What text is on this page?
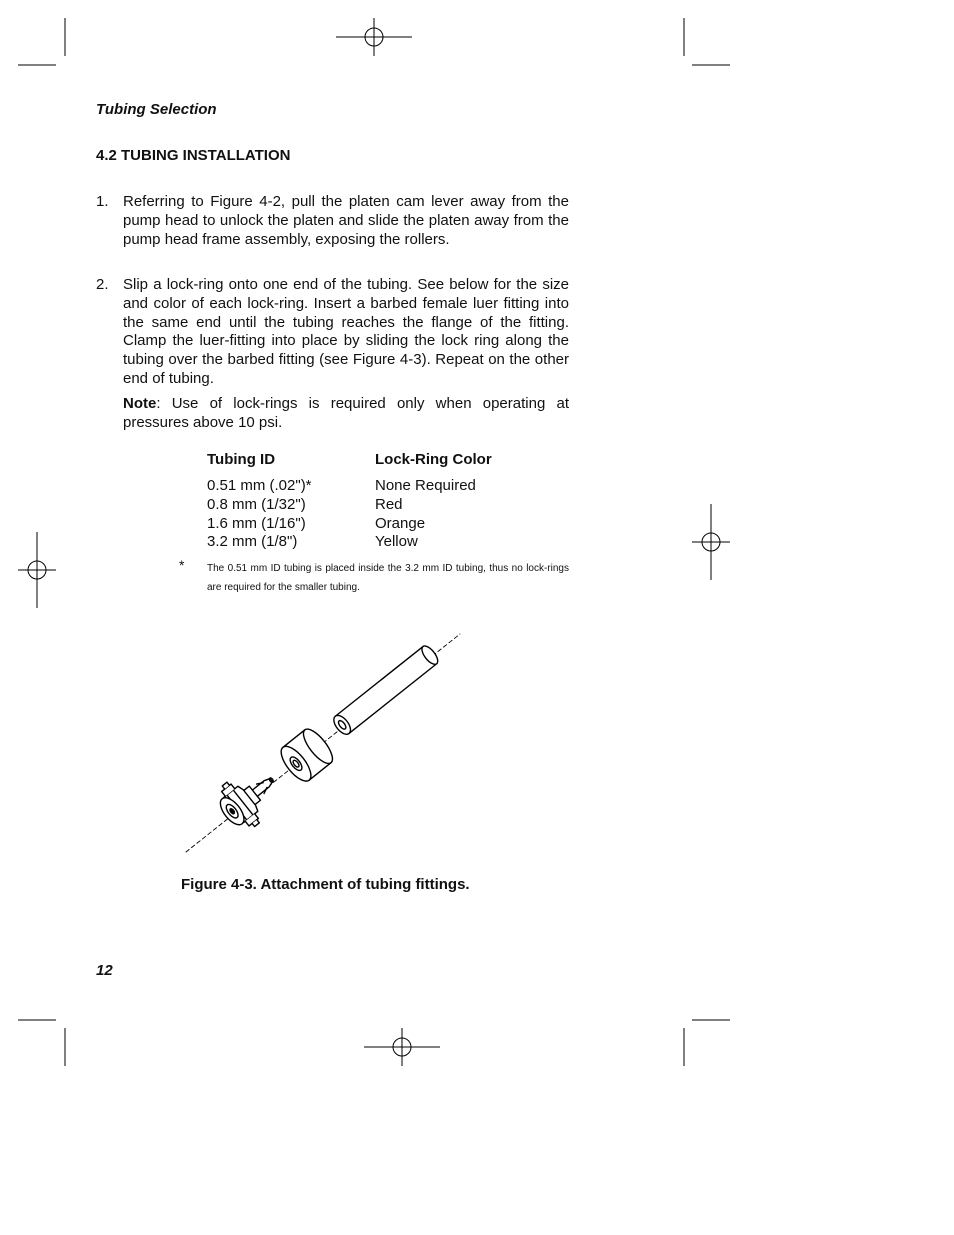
Tubing Selection
4.2 TUBING INSTALLATION
1. Referring to Figure 4-2, pull the platen cam lever away from the pump head to unlock the platen and slide the platen away from the pump head frame assembly, exposing the rollers.
2. Slip a lock-ring onto one end of the tubing. See below for the size and color of each lock-ring. Insert a barbed female luer fitting into the same end until the tubing reaches the flange of the fitting. Clamp the luer-fitting into place by sliding the lock ring along the tubing over the barbed fitting (see Figure 4-3). Repeat on the other end of tubing.
Note: Use of lock-rings is required only when operating at pressures above 10 psi.
Tubing ID	Lock-Ring Color
0.51 mm (.02")*	None Required
0.8 mm (1/32")	Red
1.6 mm (1/16")	Orange
3.2 mm (1/8")	Yellow
* The 0.51 mm ID tubing is placed inside the 3.2 mm ID tubing, thus no lock-rings are required for the smaller tubing.
Figure 4-3. Attachment of tubing fittings.
12
